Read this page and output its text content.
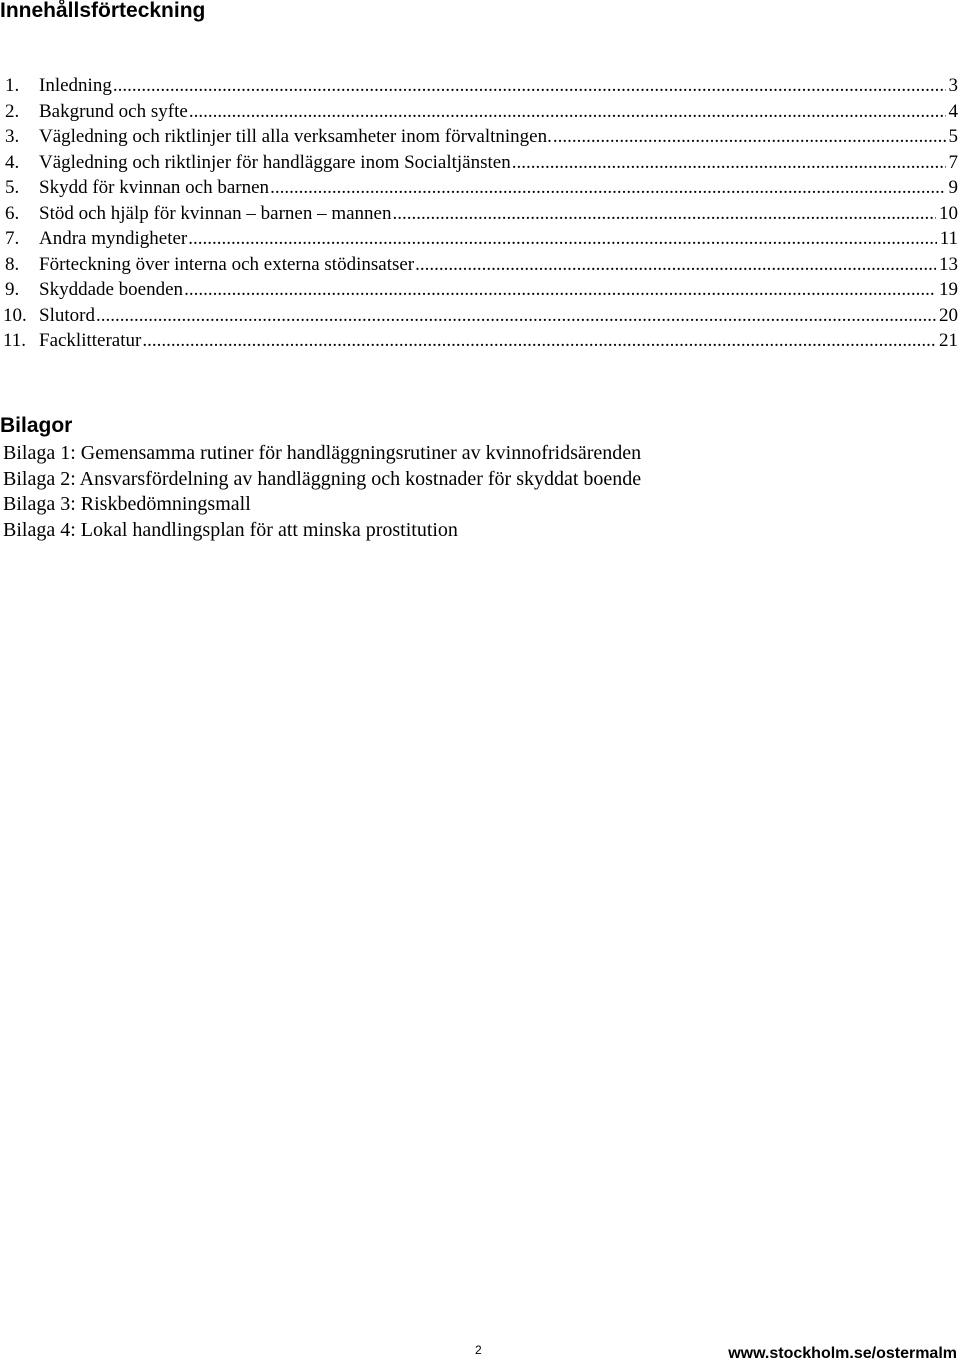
Innehållsförteckning
1.	Inledning .....	3
2.	Bakgrund och syfte .....	4
3.	Vägledning och riktlinjer till alla verksamheter inom förvaltningen. .....	5
4.	Vägledning och riktlinjer för handläggare inom Socialtjänsten .....	7
5.	Skydd för kvinnan och barnen .....	9
6.	Stöd och hjälp för kvinnan – barnen – mannen .....	10
7.	Andra myndigheter .....	11
8.	Förteckning över interna och externa stödinsatser .....	13
9.	Skyddade boenden .....	19
10. Slutord .....	20
11. Facklitteratur .....	21
Bilagor
Bilaga 1: Gemensamma rutiner för handläggningsrutiner av kvinnofridsärenden
Bilaga 2: Ansvarsfördelning av handläggning och kostnader för skyddat boende
Bilaga 3: Riskbedömningsmall
Bilaga 4: Lokal handlingsplan för att minska prostitution
2	www.stockholm.se/ostermalm
